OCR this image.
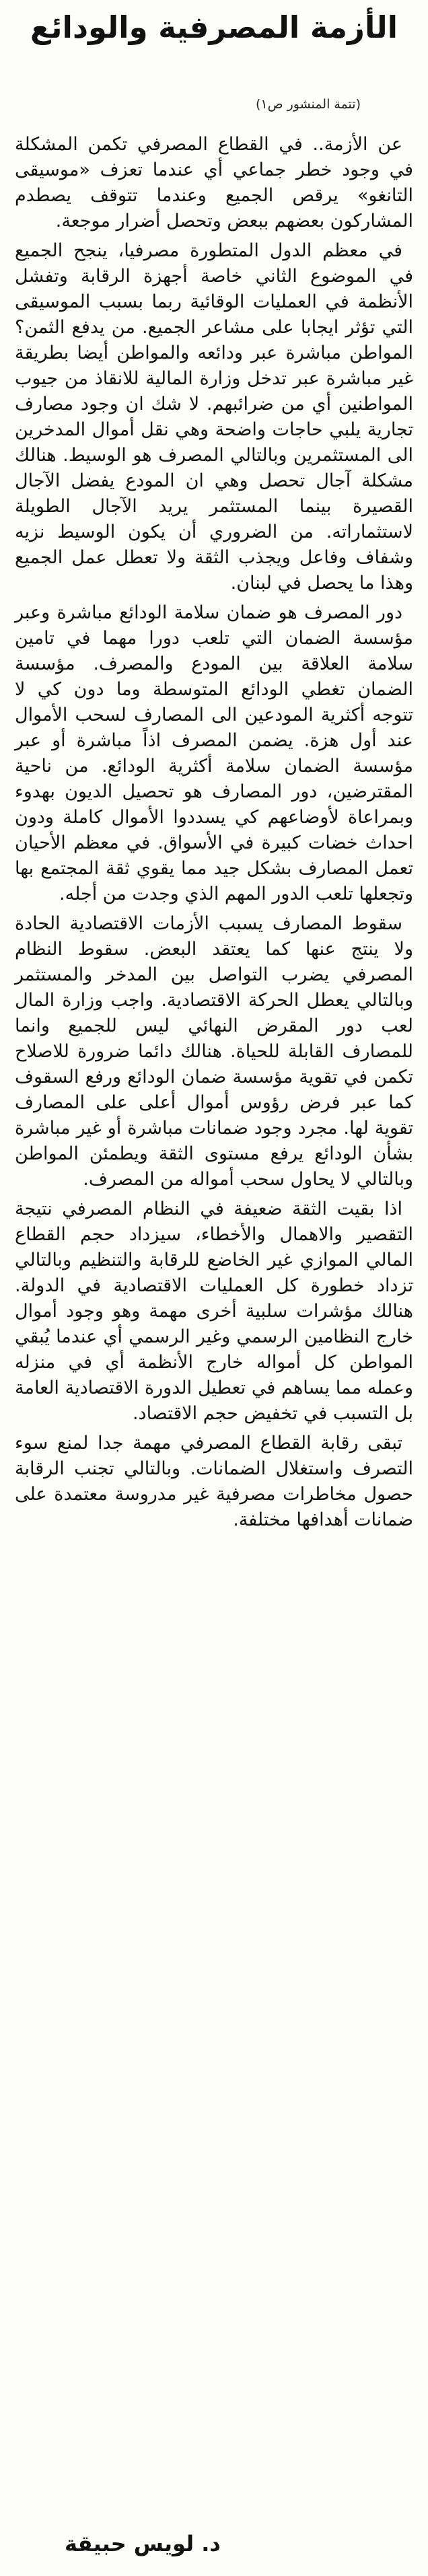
الأزمة المصرفية والودائع

(تتمة المنشور ص١)

عن الأزمة.. في القطاع المصرفي تكمن المشكلة في وجود خطر جماعي أي عندما تعزف «موسيقى التانغو» يرقص الجميع وعندما تتوقف يصطدم المشاركون بعضهم ببعض وتحصل أضرار موجعة.

في معظم الدول المتطورة مصرفيا، ينجح الجميع في الموضوع الثاني خاصة أجهزة الرقابة وتفشل الأنظمة في العمليات الوقائية ربما بسبب الموسيقى التي تؤثر ايجابا على مشاعر الجميع. من يدفع الثمن؟ المواطن مباشرة عبر ودائعه والمواطن أيضا بطريقة غير مباشرة عبر تدخل وزارة المالية للانقاذ من جيوب المواطنين أي من ضرائبهم. لا شك ان وجود مصارف تجارية يلبي حاجات واضحة وهي نقل أموال المدخرين الى المستثمرين وبالتالي المصرف هو الوسيط. هنالك مشكلة آجال تحصل وهي ان المودع يفضل الآجال القصيرة بينما المستثمر يريد الآجال الطويلة لاستثماراته. من الضروري أن يكون الوسيط نزيه وشفاف وفاعل ويجذب الثقة ولا تعطل عمل الجميع وهذا ما يحصل في لبنان.

دور المصرف هو ضمان سلامة الودائع مباشرة وعبر مؤسسة الضمان التي تلعب دورا مهما في تامين سلامة العلاقة بين المودع والمصرف. مؤسسة الضمان تغطي الودائع المتوسطة وما دون كي لا تتوجه أكثرية المودعين الى المصارف لسحب الأموال عند أول هزة. يضمن المصرف اذاً مباشرة أو عبر مؤسسة الضمان سلامة أكثرية الودائع. من ناحية المقترضين، دور المصارف هو تحصيل الديون بهدوء وبمراعاة لأوضاعهم كي يسددوا الأموال كاملة ودون احداث خضات كبيرة في الأسواق. في معظم الأحيان تعمل المصارف بشكل جيد مما يقوي ثقة المجتمع بها وتجعلها تلعب الدور المهم الذي وجدت من أجله.

سقوط المصارف يسبب الأزمات الاقتصادية الحادة ولا ينتج عنها كما يعتقد البعض. سقوط النظام المصرفي يضرب التواصل بين المدخر والمستثمر وبالتالي يعطل الحركة الاقتصادية. واجب وزارة المال لعب دور المقرض النهائي ليس للجميع وانما للمصارف القابلة للحياة. هنالك دائما ضرورة للاصلاح تكمن في تقوية مؤسسة ضمان الودائع ورفع السقوف كما عبر فرض رؤوس أموال أعلى على المصارف تقوية لها. مجرد وجود ضمانات مباشرة أو غير مباشرة بشأن الودائع يرفع مستوى الثقة ويطمئن المواطن وبالتالي لا يحاول سحب أمواله من المصرف.

اذا بقيت الثقة ضعيفة في النظام المصرفي نتيجة التقصير والاهمال والأخطاء، سيزداد حجم القطاع المالي الموازي غير الخاضع للرقابة والتنظيم وبالتالي تزداد خطورة كل العمليات الاقتصادية في الدولة. هنالك مؤشرات سلبية أخرى مهمة وهو وجود أموال خارج النظامين الرسمي وغير الرسمي أي عندما يُبقي المواطن كل أمواله خارج الأنظمة أي في منزله وعمله مما يساهم في تعطيل الدورة الاقتصادية العامة بل التسبب في تخفيض حجم الاقتصاد.

تبقى رقابة القطاع المصرفي مهمة جدا لمنع سوء التصرف واستغلال الضمانات. وبالتالي تجنب الرقابة حصول مخاطرات مصرفية غير مدروسة معتمدة على ضمانات أهدافها مختلفة.

د. لويس حبيقة
